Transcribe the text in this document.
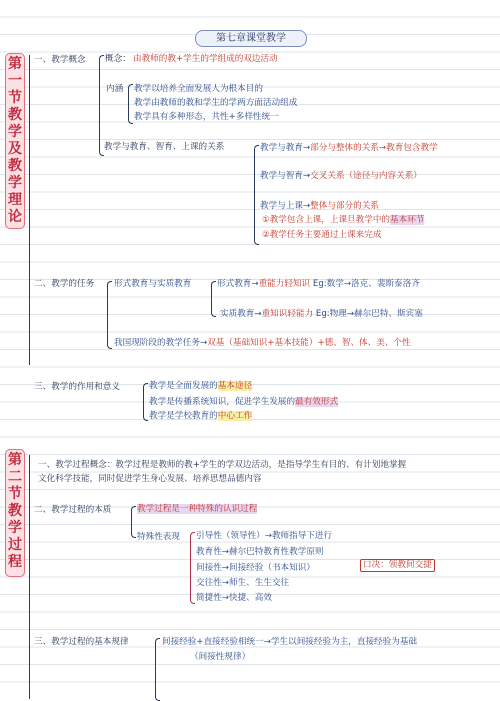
第七章课堂教学
第
一
节
教
学
及
教
学
理
论
一、教学概念 概念： 由教师的教+学生的学组成的双边活动
内涵 教学以培养全面发展人为根本目的
教学由教师的教和学生的学两方面活动组成
教学具有多种形态，共性+多样性统一
教学与教育、智育、上课的关系	教学与教育→部分与整体的关系→教育包含教学
教学与智育→交叉关系（途径与内容关系）
教学与上课→整体与部分的关系
①教学包含上课，上课旦教学中的基本环节
②教学任务主要通过上课来完成
二、教学的任务 形式教育与实质教育	形式教育→重能力轻知识 Eg:数学→洛克、裴斯泰洛齐
实质教育→重知识轻能力 Eg:物理→赫尔巴特、斯宾塞
我国现阶段的教学任务→双基（基础知识+基本技能）+德、智、体、美、个性
三、教学的作用和意义	教学是全面发展的基本途径
教学是传播系统知识，促进学生发展的最有效形式
教学是学校教育的中心工作
第
二
节
教
学
过
程
一、教学过程概念：教学过程是教师的教+学生的学双边活动，是指导学生有目的、有计划地掌握
文化科学技能，同时促进学生身心发展、培养思想品德内容
二、教学过程的本质	教学过程是一种特殊的认识过程
特殊性表现 引导性（领导性）→教师指导下进行
教育性→赫尔巴特教育性教学原则
间接性→间接经验（书本知识）	口决：领教间交捷
交往性→师生、生生交往
简捷性→快捷、高效
三、教学过程的基本规律	间接经验+直接经验相统一→学生以间接经验为主，直接经验为基础
（间接性规律）
